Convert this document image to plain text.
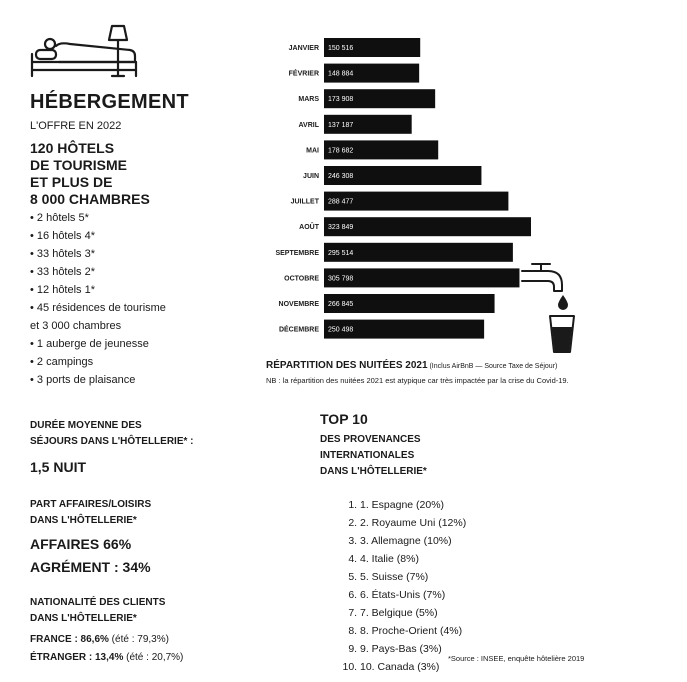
HÉBERGEMENT
L'OFFRE EN 2022
120 HÔTELS
DE TOURISME
ET PLUS DE
8 000 CHAMBRES
• 2 hôtels 5*
• 16 hôtels 4*
• 33 hôtels 3*
• 33 hôtels 2*
• 12 hôtels 1*
• 45 résidences de tourisme
et 3 000 chambres
• 1 auberge de jeunesse
• 2 campings
• 3 ports de plaisance
DURÉE MOYENNE DES
SÉJOURS DANS L'HÔTELLERIE* :
1,5 NUIT
PART AFFAIRES/LOISIRS
DANS L'HÔTELLERIE*
AFFAIRES 66%
AGRÉMENT : 34%
NATIONALITÉ DES CLIENTS
DANS L'HÔTELLERIE*
FRANCE : 86,6% (été : 79,3%)
ÉTRANGER : 13,4% (été : 20,7%)
JANVIER 150 516
FÉVRIER 148 884
MARS 173 908
AVRIL 137 187
MAI 178 682
JUIN 246 308
JUILLET 288 477
AOÛT 323 849
SEPTEMBRE 295 514
OCTOBRE 305 798
NOVEMBRE 266 845
DÉCEMBRE 250 498
RÉPARTITION DES NUITÉES 2021 (Inclus AirBnB — Source Taxe de Séjour)
NB : la répartition des nuitées 2021 est atypique car très impactée par la crise du Covid-19.
TOP 10
DES PROVENANCES
INTERNATIONALES
DANS L'HÔTELLERIE*
1. 1. Espagne (20%)
2. 2. Royaume Uni (12%)
3. 3. Allemagne (10%)
4. 4. Italie (8%)
5. 5. Suisse (7%)
6. 6. États-Unis (7%)
7. 7. Belgique (5%)
8. 8. Proche-Orient (4%)
9. 9. Pays-Bas (3%)
10. 10. Canada (3%)
*Source : INSEE, enquête hôtelière 2019
